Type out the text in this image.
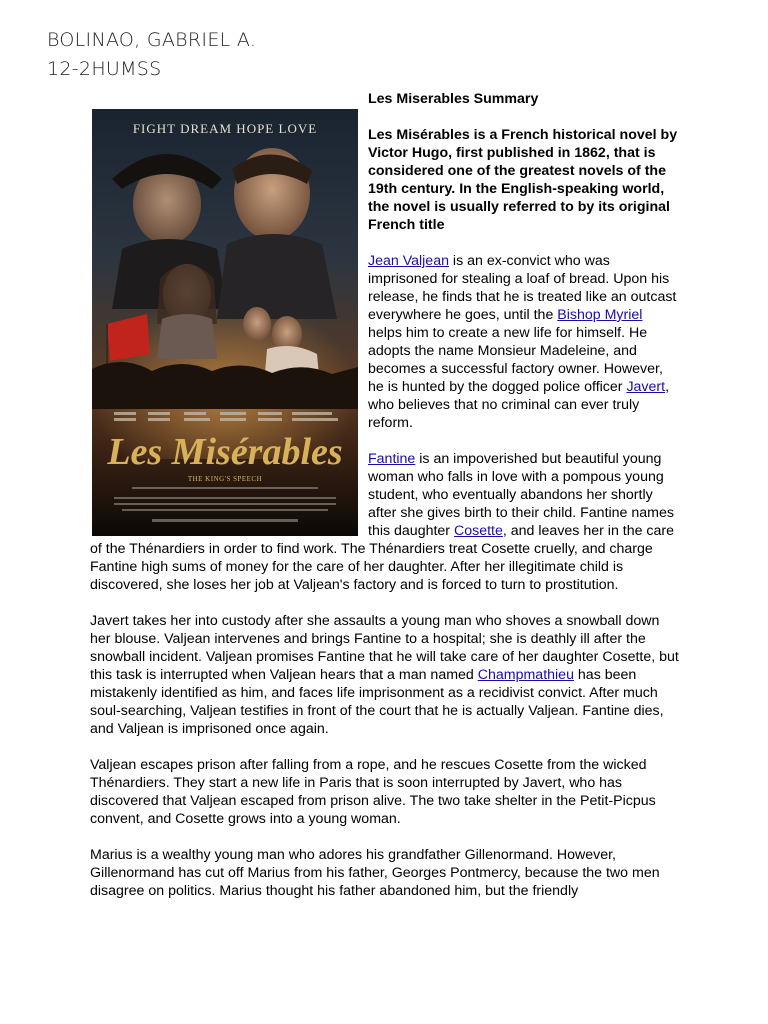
BOLINAO, GABRIEL A.
12-2HUMSS
FIGHT DREAM HOPE LOVE
Les Misérables
THE KING'S SPEECH

Les Miserables Summary

Les Misérables is a French historical novel by Victor Hugo, first published in 1862, that is considered one of the greatest novels of the 19th century. In the English-speaking world, the novel is usually referred to by its original French title

Jean Valjean is an ex-convict who was imprisoned for stealing a loaf of bread. Upon his release, he finds that he is treated like an outcast everywhere he goes, until the Bishop Myriel helps him to create a new life for himself. He adopts the name Monsieur Madeleine, and becomes a successful factory owner. However, he is hunted by the dogged police officer Javert, who believes that no criminal can ever truly reform.

Fantine is an impoverished but beautiful young woman who falls in love with a pompous young student, who eventually abandons her shortly after she gives birth to their child. Fantine names this daughter Cosette, and leaves her in the care of the Thénardiers in order to find work. The Thénardiers treat Cosette cruelly, and charge Fantine high sums of money for the care of her daughter. After her illegitimate child is discovered, she loses her job at Valjean's factory and is forced to turn to prostitution.

Javert takes her into custody after she assaults a young man who shoves a snowball down her blouse. Valjean intervenes and brings Fantine to a hospital; she is deathly ill after the snowball incident. Valjean promises Fantine that he will take care of her daughter Cosette, but this task is interrupted when Valjean hears that a man named Champmathieu has been mistakenly identified as him, and faces life imprisonment as a recidivist convict. After much soul-searching, Valjean testifies in front of the court that he is actually Valjean. Fantine dies, and Valjean is imprisoned once again.

Valjean escapes prison after falling from a rope, and he rescues Cosette from the wicked Thénardiers. They start a new life in Paris that is soon interrupted by Javert, who has discovered that Valjean escaped from prison alive. The two take shelter in the Petit-Picpus convent, and Cosette grows into a young woman.

Marius is a wealthy young man who adores his grandfather Gillenormand. However, Gillenormand has cut off Marius from his father, Georges Pontmercy, because the two men disagree on politics. Marius thought his father abandoned him, but the friendly
